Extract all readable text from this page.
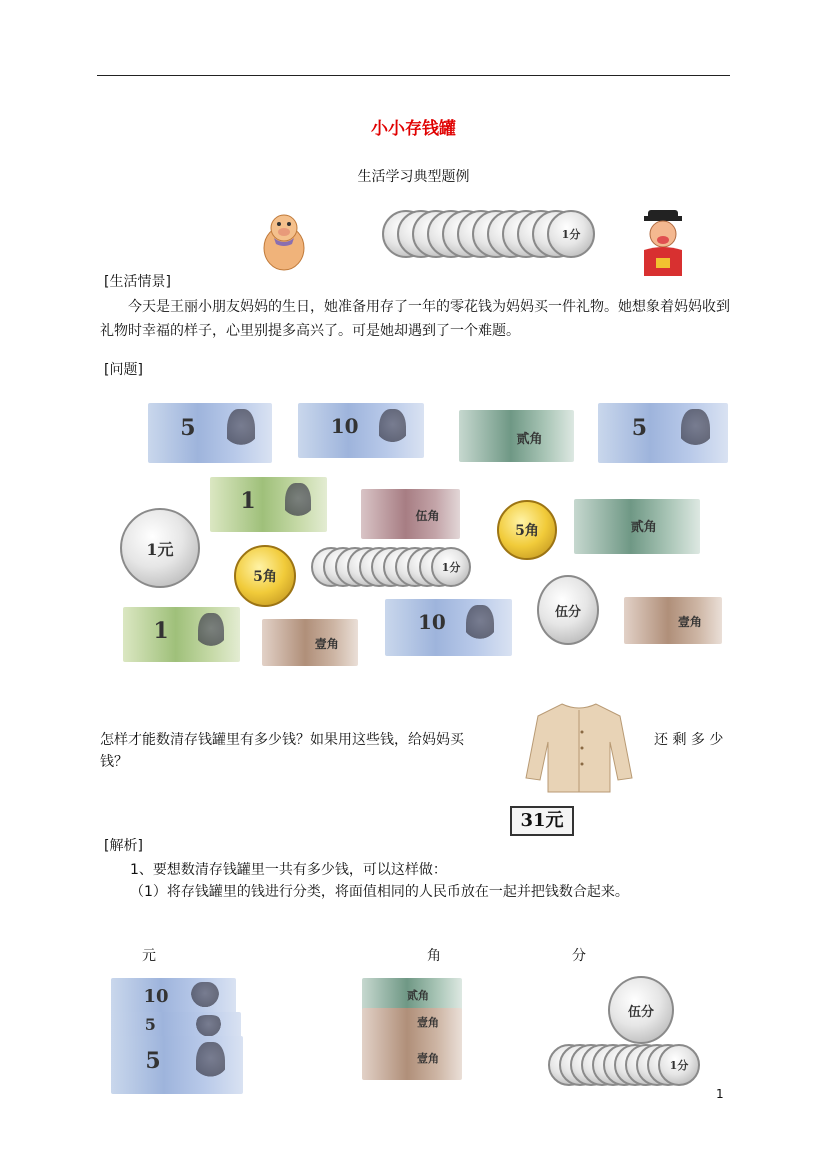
小小存钱罐
生活学习典型题例
1分
[生活情景]
今天是王丽小朋友妈妈的生日，她准备用存了一年的零花钱为妈妈买一件礼物。她想象着妈妈收到礼物时幸福的样子，心里别提多高兴了。可是她却遇到了一个难题。
[问题]
5	10
贰角	5
1
伍角
贰角
1元
5角
5角
1分
伍分
1
壹角
10	壹角
怎样才能数清存钱罐里有多少钱？如果用这些钱，给妈妈买	还 剩 多 少
钱？
31元
[解析]
1、要想数清存钱罐里一共有多少钱，可以这样做：
（1）将存钱罐里的钱进行分类，将面值相同的人民币放在一起并把钱数合起来。
元	角	分
10
5
5
贰角
壹角
壹角
伍分
1分
1
